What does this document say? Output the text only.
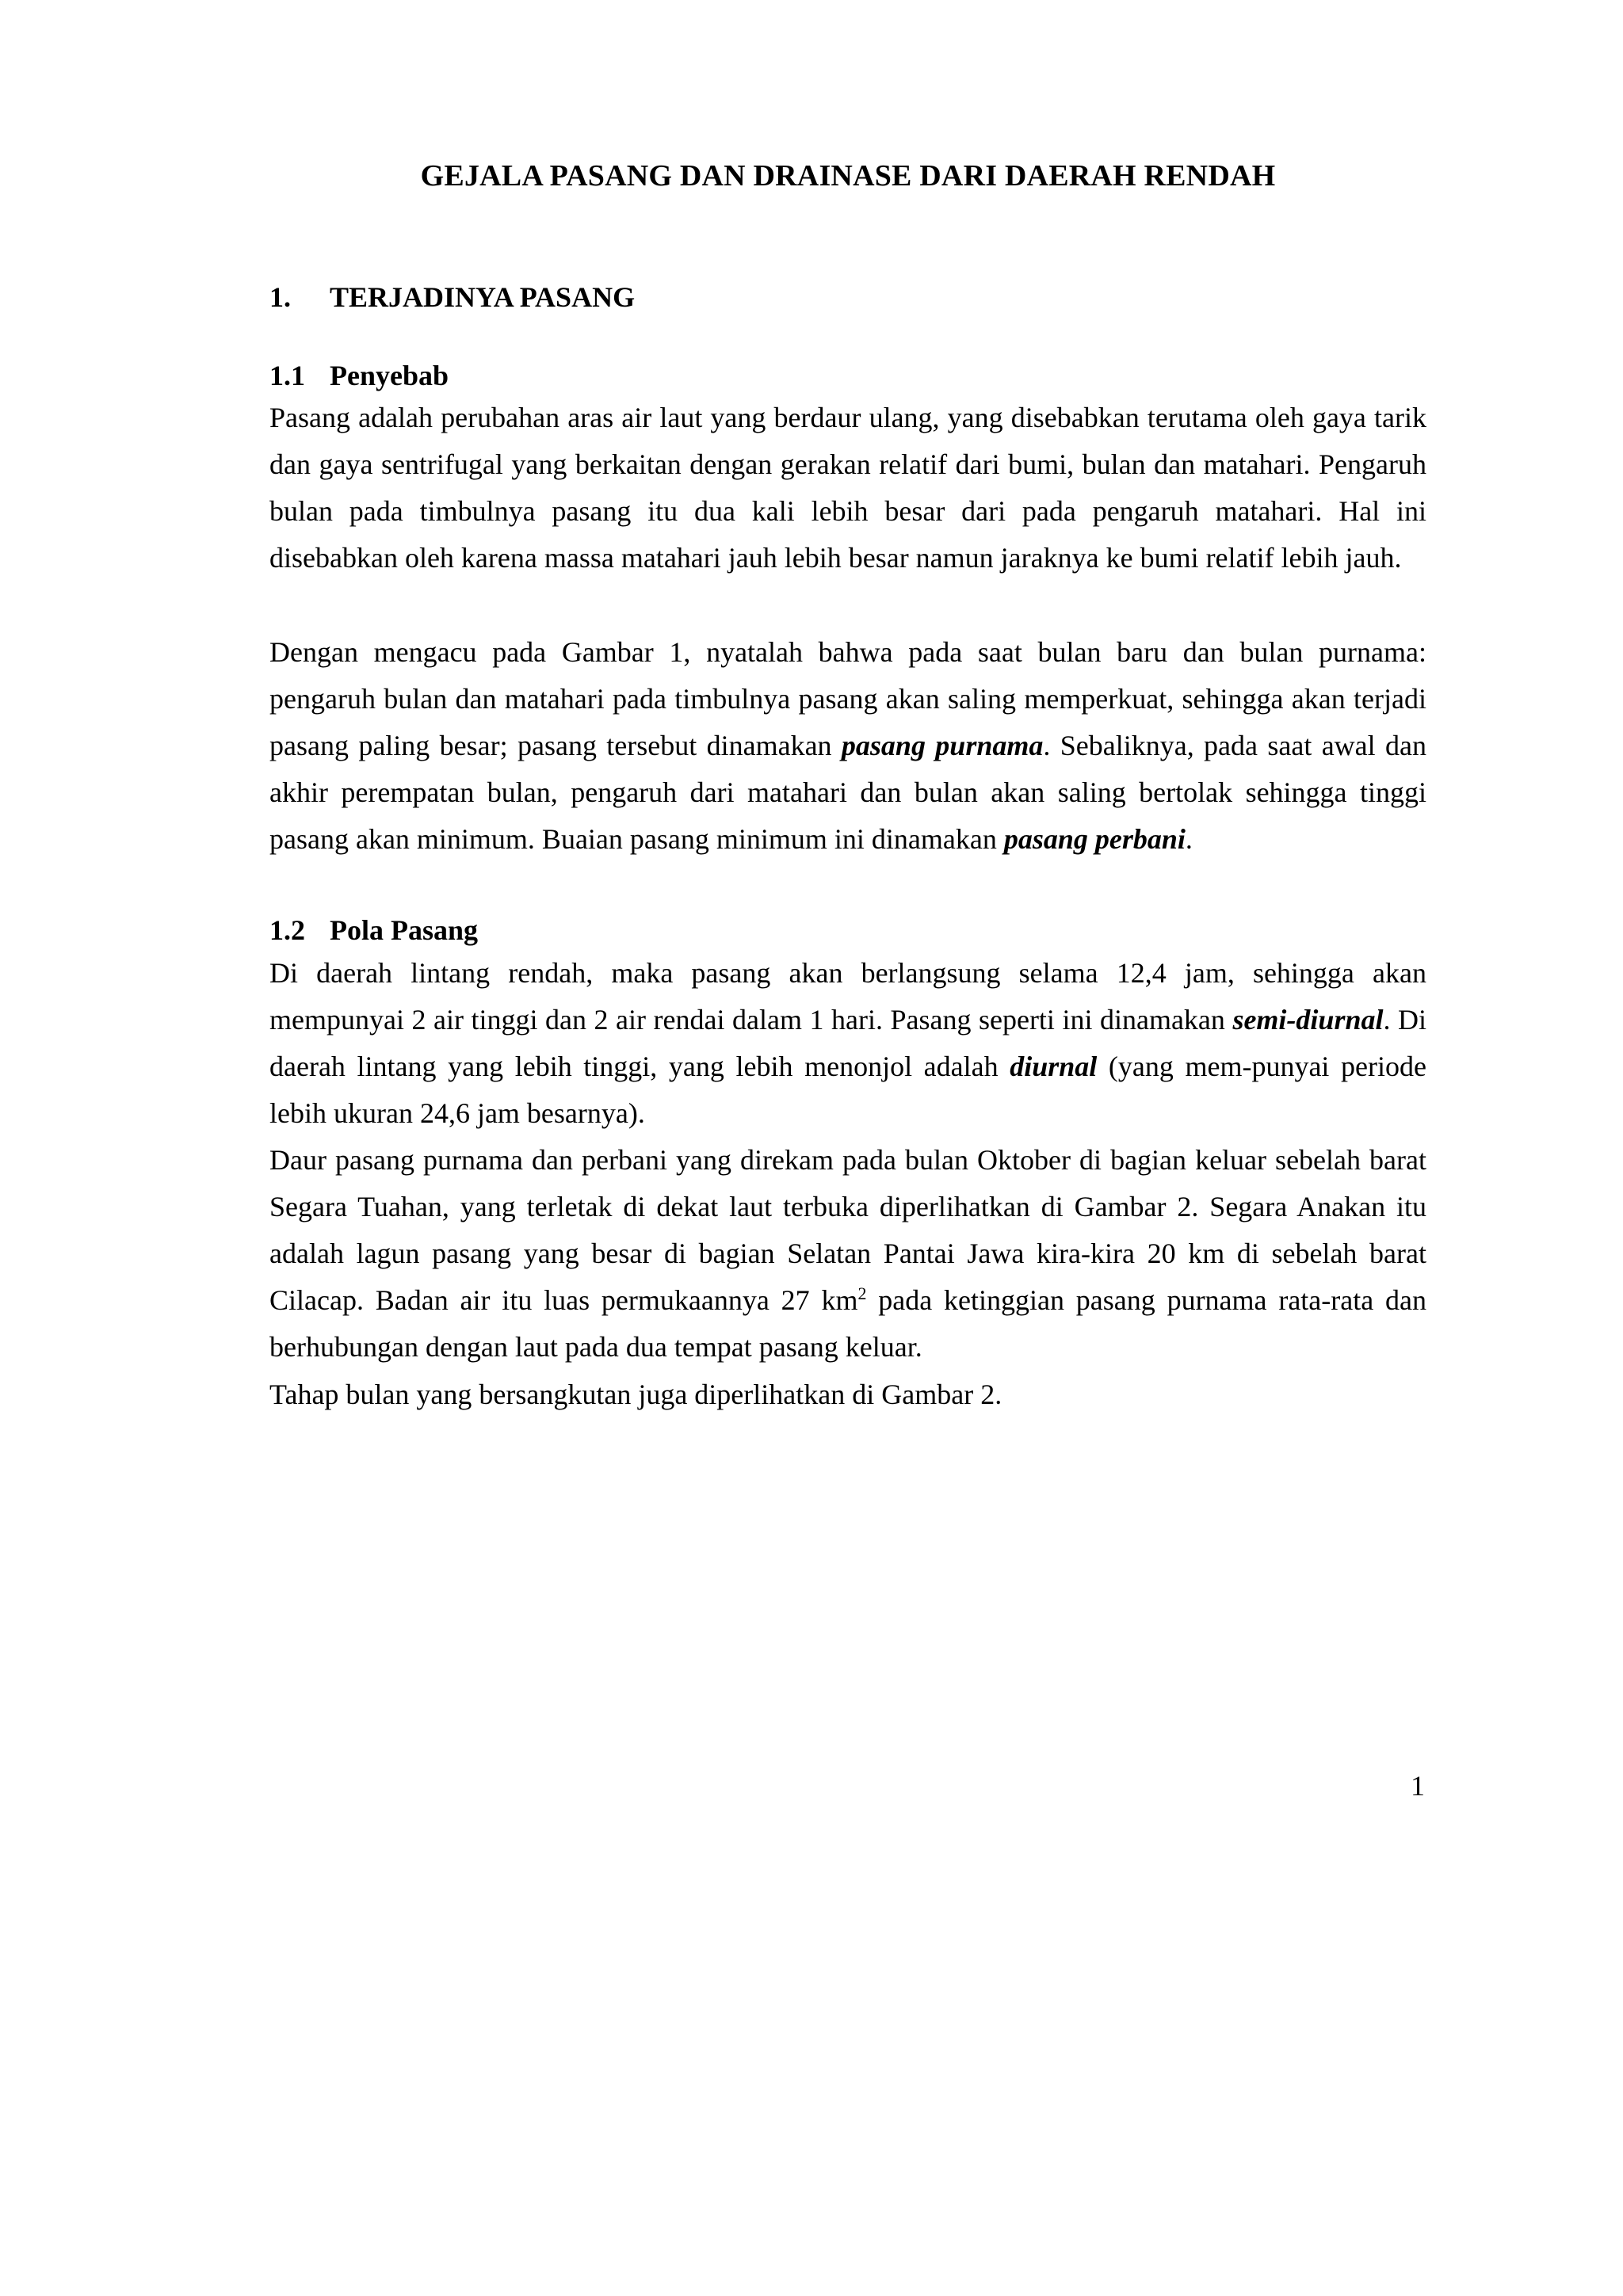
GEJALA PASANG DAN DRAINASE DARI DAERAH RENDAH
1. TERJADINYA PASANG
1.1 Penyebab

Pasang adalah perubahan aras air laut yang berdaur ulang, yang disebabkan terutama oleh gaya tarik dan gaya sentrifugal yang berkaitan dengan gerakan relatif dari bumi, bulan dan matahari. Pengaruh bulan pada timbulnya pasang itu dua kali lebih besar dari pada pengaruh matahari. Hal ini disebabkan oleh karena massa matahari jauh lebih besar namun jaraknya ke bumi relatif lebih jauh.

Dengan mengacu pada Gambar 1, nyatalah bahwa pada saat bulan baru dan bulan purnama: pengaruh bulan dan matahari pada timbulnya pasang akan saling memperkuat, sehingga akan terjadi pasang paling besar; pasang tersebut dinamakan pasang purnama. Sebaliknya, pada saat awal dan akhir perempatan bulan, pengaruh dari matahari dan bulan akan saling bertolak sehingga tinggi pasang akan minimum. Buaian pasang minimum ini dinamakan pasang perbani.

1.2 Pola Pasang

Di daerah lintang rendah, maka pasang akan berlangsung selama 12,4 jam, sehingga akan mempunyai 2 air tinggi dan 2 air rendai dalam 1 hari. Pasang seperti ini dinamakan semi-diurnal. Di daerah lintang yang lebih tinggi, yang lebih menonjol adalah diurnal (yang mem-punyai periode lebih ukuran 24,6 jam besarnya).

Daur pasang purnama dan perbani yang direkam pada bulan Oktober di bagian keluar sebelah barat Segara Tuahan, yang terletak di dekat laut terbuka diperlihatkan di Gambar 2. Segara Anakan itu adalah lagun pasang yang besar di bagian Selatan Pantai Jawa kira-kira 20 km di sebelah barat Cilacap. Badan air itu luas permukaannya 27 $km^2$ pada ketinggian pasang purnama rata-rata dan berhubungan dengan laut pada dua tempat pasang keluar.

Tahap bulan yang bersangkutan juga diperlihatkan di Gambar 2.

1
